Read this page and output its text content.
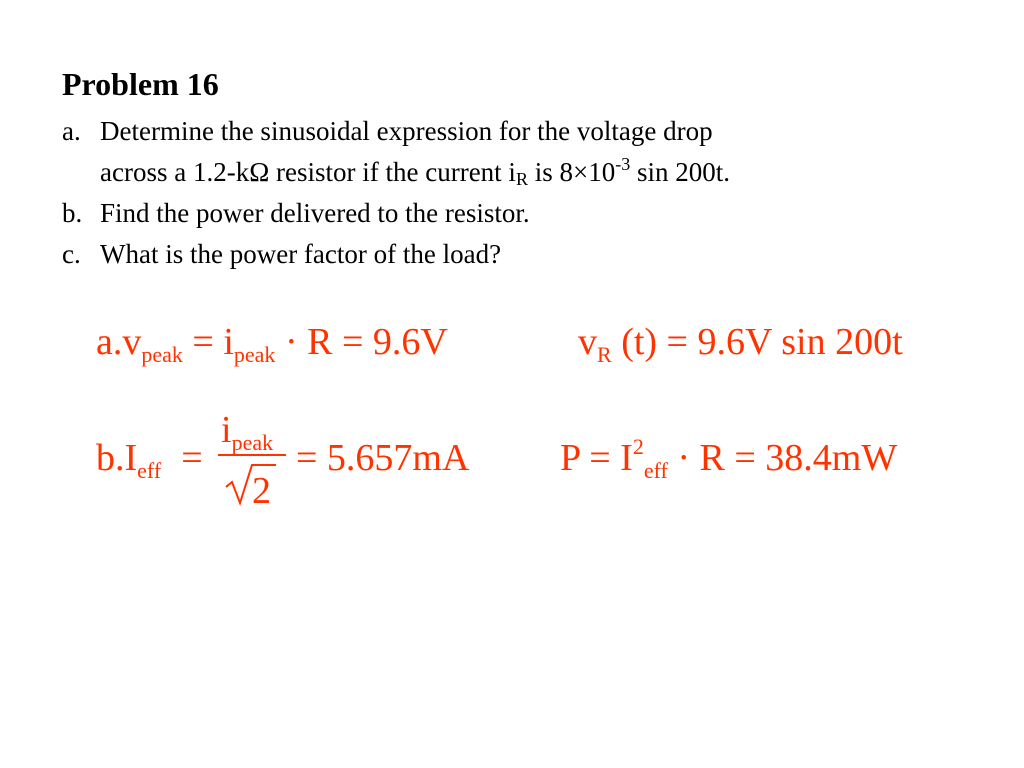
Problem 16
a. Determine the sinusoidal expression for the voltage drop
across a 1.2-kΩ resistor if the current $i_R$ is $8\times 10^{-3}$ sin 200t.
b. Find the power delivered to the resistor.
c. What is the power factor of the load?
$a.v_{peak} = i_{peak} \cdot R = 9.6V$	$v_R$ (t) = 9.6V sin 200t
$b.I_{eff}$ =
$i_{peak}$
2
= 5.657mA $P = I^2_{eff} \cdot R = 38.4mW$
